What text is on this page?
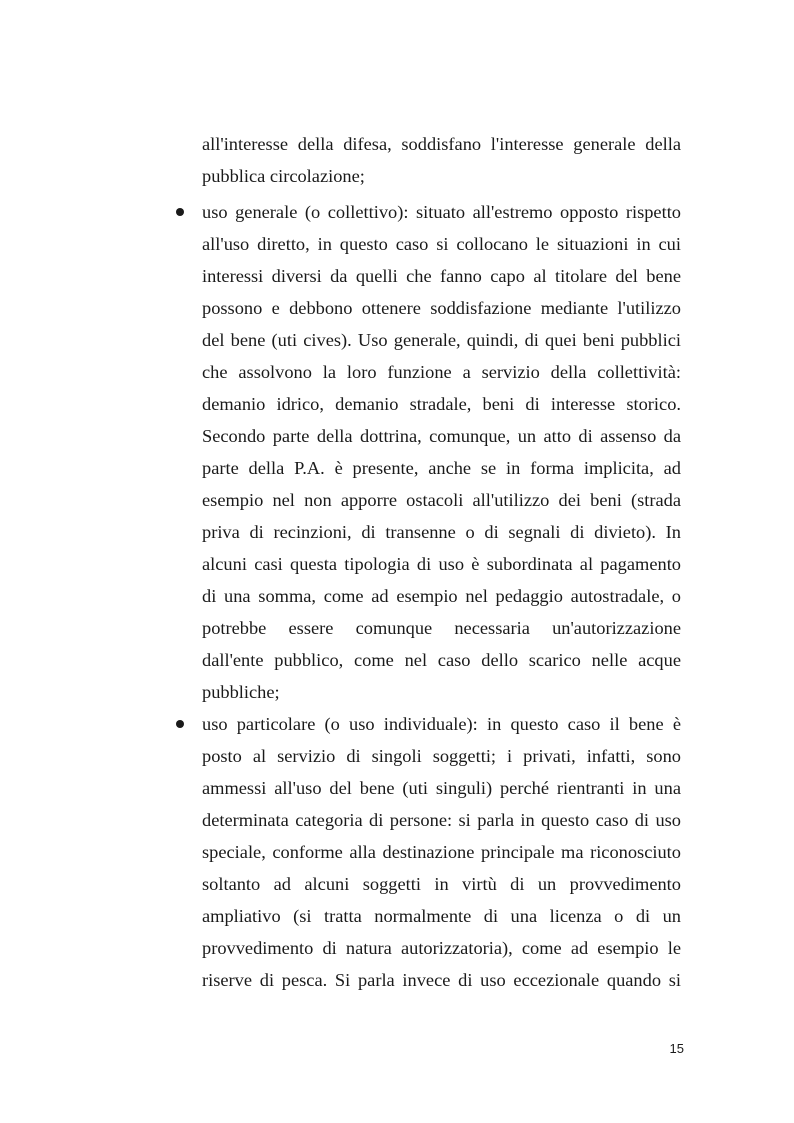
all'interesse della difesa, soddisfano l'interesse generale della
pubblica circolazione;
uso generale (o collettivo): situato all'estremo opposto rispetto
all'uso diretto, in questo caso si collocano le situazioni in cui
interessi diversi da quelli che fanno capo al titolare del bene
possono e debbono ottenere soddisfazione mediante l'utilizzo
del bene (uti cives). Uso generale, quindi, di quei beni pubblici
che assolvono la loro funzione a servizio della collettività:
demanio idrico, demanio stradale, beni di interesse storico.
Secondo parte della dottrina, comunque, un atto di assenso da
parte della P.A. è presente, anche se in forma implicita, ad
esempio nel non apporre ostacoli all'utilizzo dei beni (strada
priva di recinzioni, di transenne o di segnali di divieto). In
alcuni casi questa tipologia di uso è subordinata al pagamento
di una somma, come ad esempio nel pedaggio autostradale, o
potrebbe essere comunque necessaria un'autorizzazione
dall'ente pubblico, come nel caso dello scarico nelle acque
pubbliche;
uso particolare (o uso individuale): in questo caso il bene è
posto al servizio di singoli soggetti; i privati, infatti, sono
ammessi all'uso del bene (uti singuli) perché rientranti in una
determinata categoria di persone: si parla in questo caso di uso
speciale, conforme alla destinazione principale ma riconosciuto
soltanto ad alcuni soggetti in virtù di un provvedimento
ampliativo (si tratta normalmente di una licenza o di un
provvedimento di natura autorizzatoria), come ad esempio le
riserve di pesca. Si parla invece di uso eccezionale quando si
15
